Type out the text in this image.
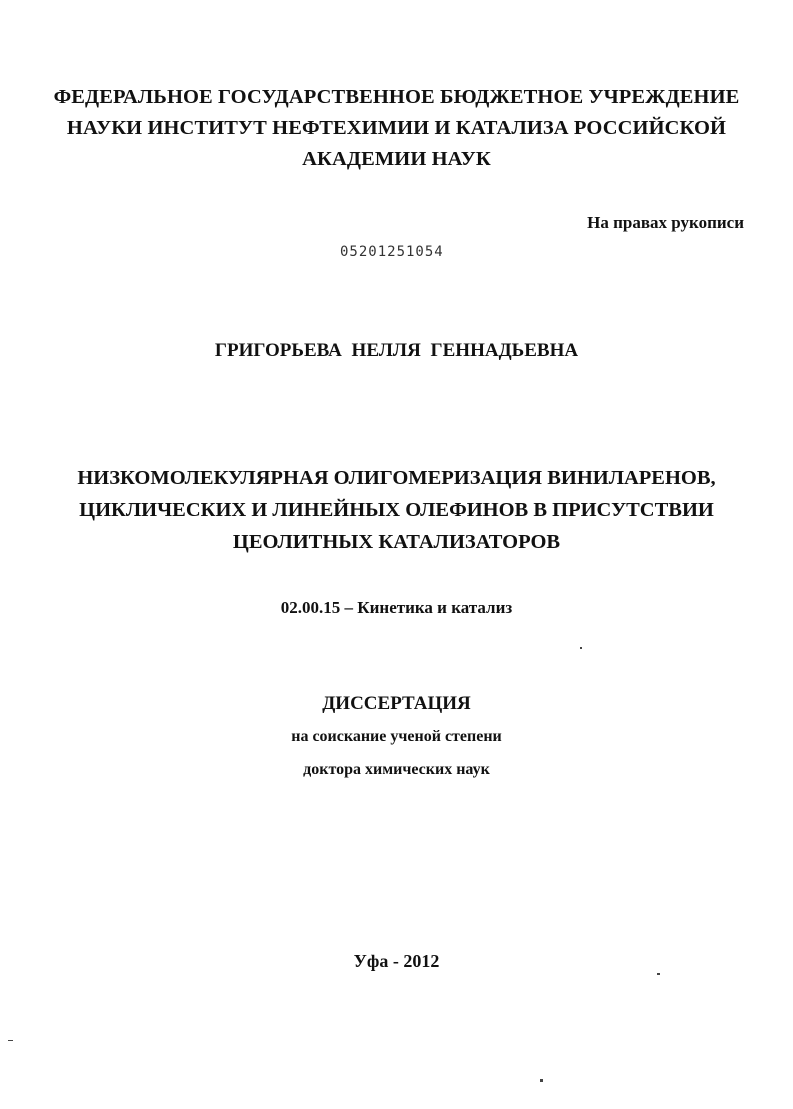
ФЕДЕРАЛЬНОЕ ГОСУДАРСТВЕННОЕ БЮДЖЕТНОЕ УЧРЕЖДЕНИЕ
НАУКИ ИНСТИТУТ НЕФТЕХИМИИ И КАТАЛИЗА РОССИЙСКОЙ
АКАДЕМИИ НАУК
На правах рукописи
05201251054
ГРИГОРЬЕВА НЕЛЛЯ ГЕННАДЬЕВНА
НИЗКОМОЛЕКУЛЯРНАЯ ОЛИГОМЕРИЗАЦИЯ ВИНИЛАРЕНОВ,
ЦИКЛИЧЕСКИХ И ЛИНЕЙНЫХ ОЛЕФИНОВ В ПРИСУТСТВИИ
ЦЕОЛИТНЫХ КАТАЛИЗАТОРОВ
02.00.15 – Кинетика и катализ
ДИССЕРТАЦИЯ
на соискание ученой степени
доктора химических наук
Уфа - 2012
